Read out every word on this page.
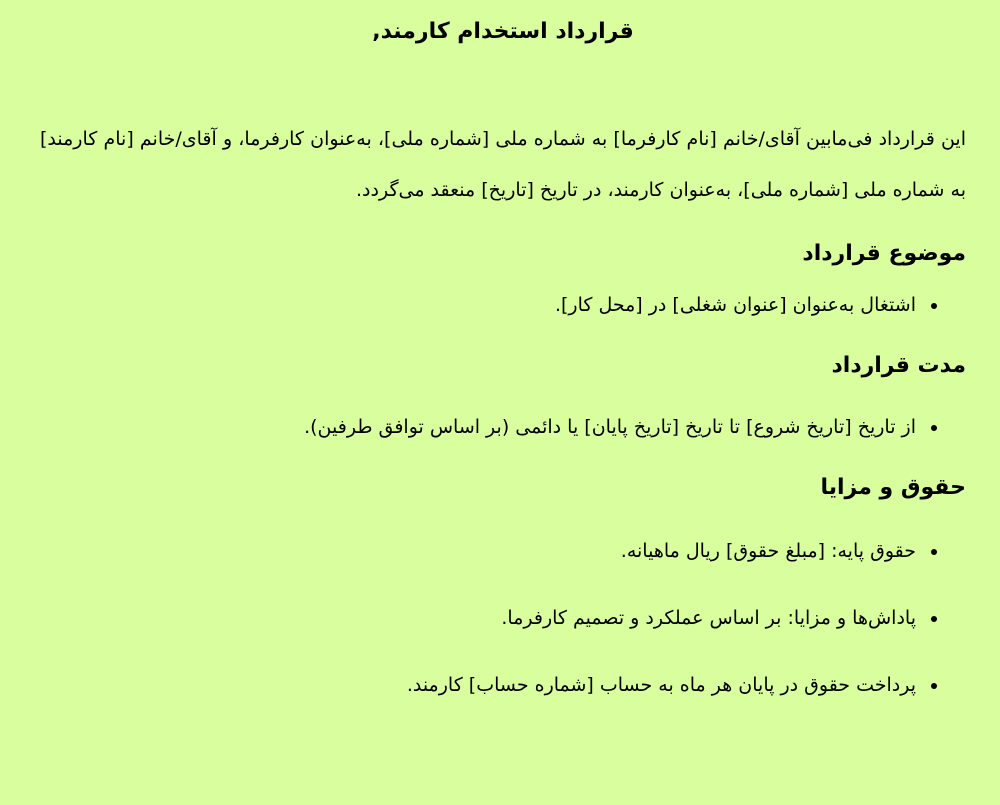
قرارداد استخدام کارمند,

این قرارداد فی‌مابین آقای/خانم [نام کارفرما] به شماره ملی [شماره ملی]، به‌عنوان کارفرما، و آقای/خانم [نام کارمند] به شماره ملی [شماره ملی]، به‌عنوان کارمند، در تاریخ [تاریخ] منعقد می‌گردد.

موضوع قرارداد
اشتغال به‌عنوان [عنوان شغلی] در [محل کار].
مدت قرارداد
از تاریخ [تاریخ شروع] تا تاریخ [تاریخ پایان] یا دائمی (بر اساس توافق طرفین).
حقوق و مزایا
حقوق پایه: [مبلغ حقوق] ریال ماهیانه.
پاداش‌ها و مزایا: بر اساس عملکرد و تصمیم کارفرما.
پرداخت حقوق در پایان هر ماه به حساب [شماره حساب] کارمند.
